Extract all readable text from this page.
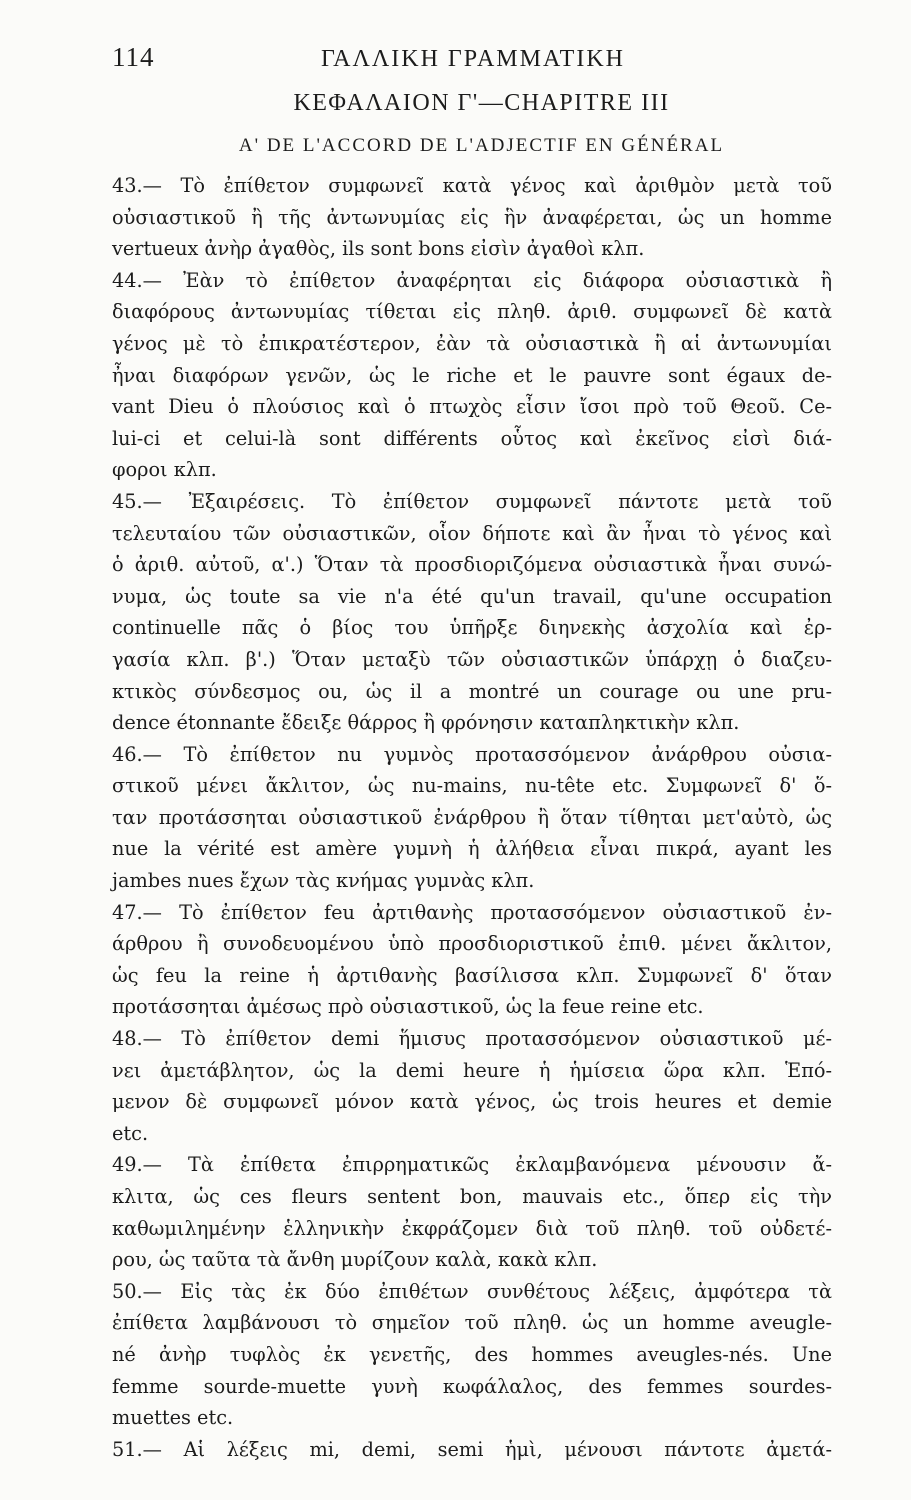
114	ΓΑΛΛΙΚΗ ΓΡΑΜΜΑΤΙΚΗ
ΚΕΦΑΛΑΙΟΝ Γ'—CHAPITRE III
Α' DE L'ACCORD DE L'ADJECTIF EN GÉNÉRAL
43.— Τὸ ἐπίθετον συμφωνεῖ κατὰ γένος καὶ ἀριθμὸν μετὰ τοῦ
οὐσιαστικοῦ ἢ τῆς ἀντωνυμίας εἰς ἣν ἀναφέρεται, ὡς un homme
vertueux ἀνὴρ ἀγαθὸς, ils sont bons εἰσὶν ἀγαθοὶ κλπ.
44.— Ἐὰν τὸ ἐπίθετον ἀναφέρηται εἰς διάφορα οὐσιαστικὰ ἢ
διαφόρους ἀντωνυμίας τίθεται εἰς πληθ. ἀριθ. συμφωνεῖ δὲ κατὰ
γένος μὲ τὸ ἐπικρατέστερον, ἐὰν τὰ οὐσιαστικὰ ἢ αἱ ἀντωνυμίαι
ἦναι διαφόρων γενῶν, ὡς le riche et le pauvre sont égaux de-
vant Dieu ὁ πλούσιος καὶ ὁ πτωχὸς εἶσιν ἴσοι πρὸ τοῦ Θεοῦ. Ce-
lui-ci et celui-là sont différents οὗτος καὶ ἐκεῖνος εἰσὶ διά-
φοροι κλπ.
45.— Ἐξαιρέσεις. Τὸ ἐπίθετον συμφωνεῖ πάντοτε μετὰ τοῦ
τελευταίου τῶν οὐσιαστικῶν, οἷον δήποτε καὶ ἂν ἦναι τὸ γένος καὶ
ὁ ἀριθ. αὐτοῦ, α'.) Ὅταν τὰ προσδιοριζόμενα οὐσιαστικὰ ἦναι συνώ-
νυμα, ὡς toute sa vie n'a été qu'un travail, qu'une occupation
continuelle πᾶς ὁ βίος του ὑπῆρξε διηνεκὴς ἀσχολία καὶ ἐρ-
γασία κλπ. β'.) Ὅταν μεταξὺ τῶν οὐσιαστικῶν ὑπάρχῃ ὁ διαζευ-
κτικὸς σύνδεσμος ou, ὡς il a montré un courage ou une pru-
dence étonnante ἔδειξε θάρρος ἢ φρόνησιν καταπληκτικὴν κλπ.
46.— Τὸ ἐπίθετον nu γυμνὸς προτασσόμενον ἀνάρθρου οὐσια-
στικοῦ μένει ἄκλιτον, ὡς nu-mains, nu-tête etc. Συμφωνεῖ δ' ὅ-
ταν προτάσσηται οὐσιαστικοῦ ἐνάρθρου ἢ ὅταν τίθηται μετ'αὐτὸ, ὡς
nue la vérité est amère γυμνὴ ἡ ἀλήθεια εἶναι πικρά, ayant les
jambes nues ἔχων τὰς κνήμας γυμνὰς κλπ.
47.— Τὸ ἐπίθετον feu ἀρτιθανὴς προτασσόμενον οὐσιαστικοῦ ἐν-
άρθρου ἢ συνοδευομένου ὑπὸ προσδιοριστικοῦ ἐπιθ. μένει ἄκλιτον,
ὡς feu la reine ἡ ἀρτιθανὴς βασίλισσα κλπ. Συμφωνεῖ δ' ὅταν
προτάσσηται ἀμέσως πρὸ οὐσιαστικοῦ, ὡς la feue reine etc.
48.— Τὸ ἐπίθετον demi ἥμισυς προτασσόμενον οὐσιαστικοῦ μέ-
νει ἀμετάβλητον, ὡς la demi heure ἡ ἡμίσεια ὥρα κλπ. Ἑπό-
μενον δὲ συμφωνεῖ μόνον κατὰ γένος, ὡς trois heures et demie
etc.
49.— Τὰ ἐπίθετα ἐπιρρηματικῶς ἐκλαμβανόμενα μένουσιν ἄ-
κλιτα, ὡς ces fleurs sentent bon, mauvais etc., ὅπερ εἰς τὴν
καθωμιλημένην ἑλληνικὴν ἐκφράζομεν διὰ τοῦ πληθ. τοῦ οὐδετέ-
ρου, ὡς ταῦτα τὰ ἄνθη μυρίζουν καλὰ, κακὰ κλπ.
50.— Εἰς τὰς ἐκ δύο ἐπιθέτων συνθέτους λέξεις, ἀμφότερα τὰ
ἐπίθετα λαμβάνουσι τὸ σημεῖον τοῦ πληθ. ὡς un homme aveugle-
né ἀνὴρ τυφλὸς ἐκ γενετῆς, des hommes aveugles-nés. Une
femme sourde-muette γυνὴ κωφάλαλος, des femmes sourdes-
muettes etc.
51.— Αἱ λέξεις mi, demi, semi ἡμὶ, μένουσι πάντοτε ἀμετά-
